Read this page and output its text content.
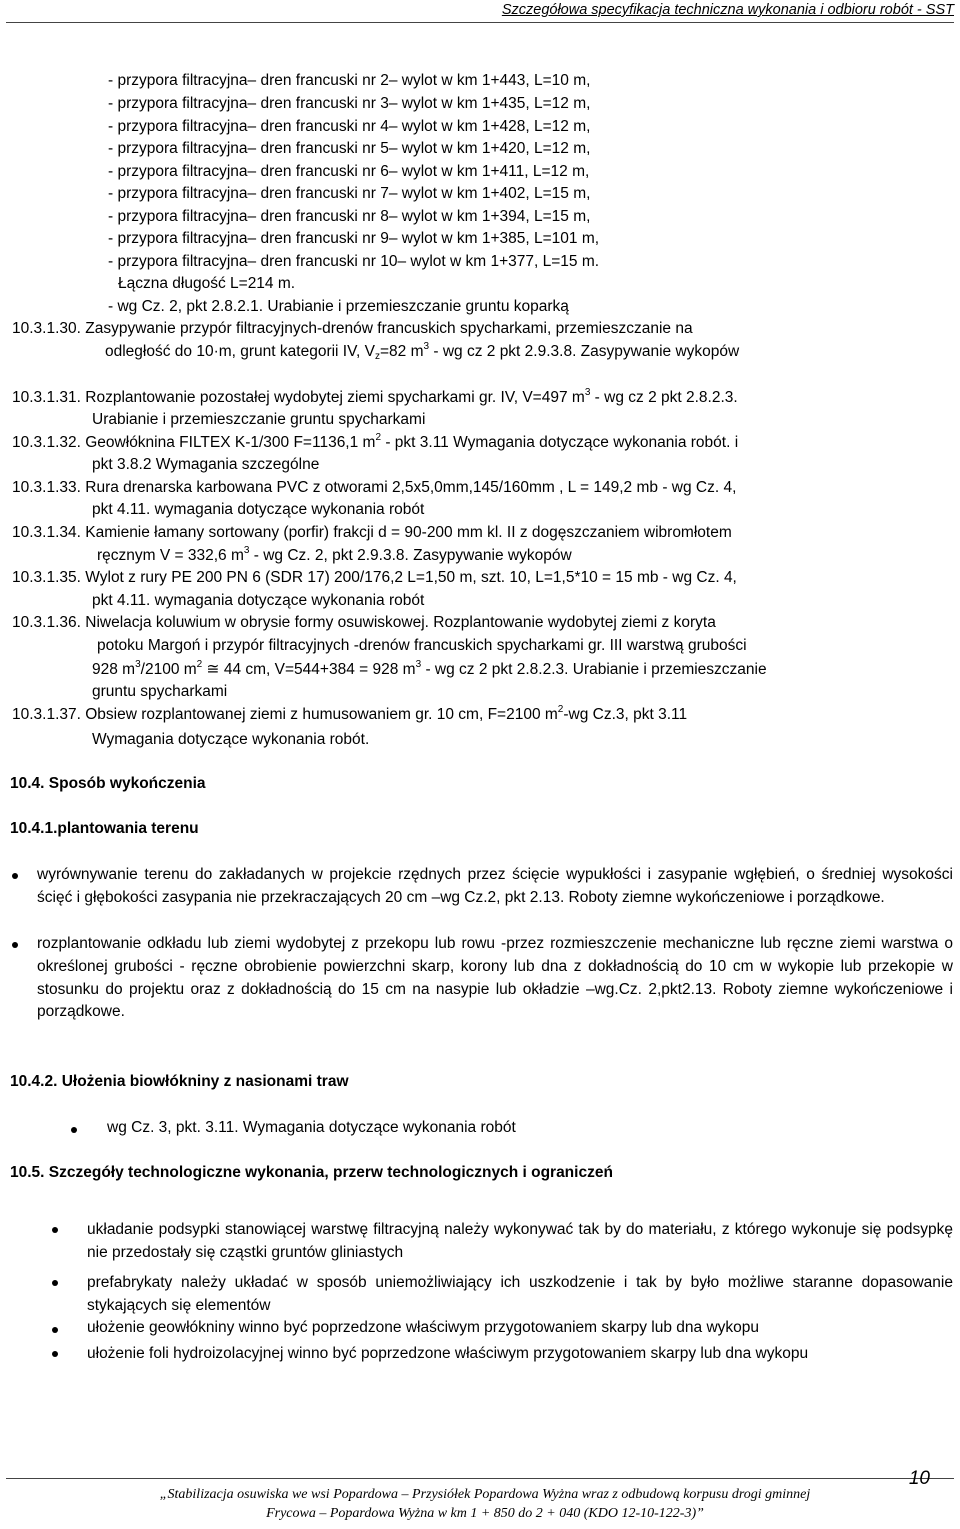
Szczegółowa specyfikacja techniczna wykonania i odbioru robót - SST
- przypora filtracyjna– dren francuski nr 2– wylot w km 1+443, L=10 m,
- przypora filtracyjna– dren francuski nr 3– wylot w km 1+435, L=12 m,
- przypora filtracyjna– dren francuski nr 4– wylot w km 1+428, L=12 m,
- przypora filtracyjna– dren francuski nr 5– wylot w km 1+420, L=12 m,
- przypora filtracyjna– dren francuski nr 6– wylot w km 1+411, L=12 m,
- przypora filtracyjna– dren francuski nr 7– wylot w km 1+402, L=15 m,
- przypora filtracyjna– dren francuski nr 8– wylot w km 1+394, L=15 m,
- przypora filtracyjna– dren francuski nr 9– wylot w km 1+385, L=101 m,
- przypora filtracyjna– dren francuski nr 10– wylot w km 1+377, L=15 m.
Łączna długość L=214 m.
- wg Cz. 2, pkt 2.8.2.1. Urabianie i przemieszczanie gruntu koparką
10.3.1.30. Zasypywanie przypór filtracyjnych-drenów francuskich spycharkami, przemieszczanie na
odległość do 10·m, grunt kategorii IV, $V_z=82$ $m^3$ - wg cz 2 pkt 2.9.3.8. Zasypywanie wykopów
10.3.1.31. Rozplantowanie pozostałej wydobytej ziemi spycharkami gr. IV, V=497 $m^3$ - wg cz 2 pkt 2.8.2.3.
Urabianie i przemieszczanie gruntu spycharkami
10.3.1.32. Geowłóknina FILTEX K-1/300 F=1136,1 $m^2$ - pkt 3.11 Wymagania dotyczące wykonania robót. i
pkt 3.8.2 Wymagania szczególne
10.3.1.33. Rura drenarska karbowana PVC z otworami 2,5x5,0mm,145/160mm , L = 149,2 mb - wg Cz. 4,
pkt 4.11. wymagania dotyczące wykonania robót
10.3.1.34. Kamienie łamany sortowany (porfir) frakcji d = 90-200 mm kl. II z dogęszczaniem wibromłotem
ręcznym V = 332,6 $m^3$ - wg Cz. 2, pkt 2.9.3.8. Zasypywanie wykopów
10.3.1.35. Wylot z rury PE 200 PN 6 (SDR 17) 200/176,2 L=1,50 m, szt. 10, L=1,5*10 = 15 mb - wg Cz. 4,
pkt 4.11. wymagania dotyczące wykonania robót
10.3.1.36. Niwelacja koluwium w obrysie formy osuwiskowej. Rozplantowanie wydobytej ziemi z koryta
potoku Margoń i przypór filtracyjnych -drenów francuskich spycharkami gr. III warstwą grubości
928 $m^3/2100$ $m^2$ ≅ 44 cm, V=544+384 = 928 $m^3$ - wg cz 2 pkt 2.8.2.3. Urabianie i przemieszczanie
gruntu spycharkami
10.3.1.37. Obsiew rozplantowanej ziemi z humusowaniem gr. 10 cm, F=2100 $m^2-wg$ Cz.3, pkt 3.11
Wymagania dotyczące wykonania robót.
10.4. Sposób wykończenia
10.4.1.plantowania terenu
wyrównywanie terenu do zakładanych w projekcie rzędnych przez ścięcie wypukłości i zasypanie wgłębień, o średniej wysokości ścięć i głębokości zasypania nie przekraczających 20 cm –wg Cz.2, pkt 2.13. Roboty ziemne wykończeniowe i porządkowe.
rozplantowanie odkładu lub ziemi wydobytej z przekopu lub rowu -przez rozmieszczenie mechaniczne lub ręczne ziemi warstwa o określonej grubości - ręczne obrobienie powierzchni skarp, korony lub dna z dokładnością do 10 cm w wykopie lub przekopie w stosunku do projektu oraz z dokładnością do 15 cm na nasypie lub okładzie –wg.Cz. 2,pkt2.13. Roboty ziemne wykończeniowe i porządkowe.
10.4.2. Ułożenia biowłókniny z nasionami traw
wg Cz. 3, pkt. 3.11. Wymagania dotyczące wykonania robót
10.5. Szczegóły technologiczne wykonania, przerw technologicznych i ograniczeń
układanie podsypki stanowiącej warstwę filtracyjną należy wykonywać tak by do materiału, z którego wykonuje się podsypkę nie przedostały się cząstki gruntów gliniastych
prefabrykaty należy układać w sposób uniemożliwiający ich uszkodzenie i tak by było możliwe staranne dopasowanie stykających się elementów
ułożenie geowłókniny winno być poprzedzone właściwym przygotowaniem skarpy lub dna wykopu
ułożenie foli hydroizolacyjnej winno być poprzedzone właściwym przygotowaniem skarpy lub dna wykopu
„Stabilizacja osuwiska we wsi Popardowa – Przysiółek Popardowa Wyżna wraz z odbudową korpusu drogi gminnej
Frycowa – Popardowa Wyżna w km 1 + 850 do 2 + 040 (KDO 12-10-122-3)”
10
